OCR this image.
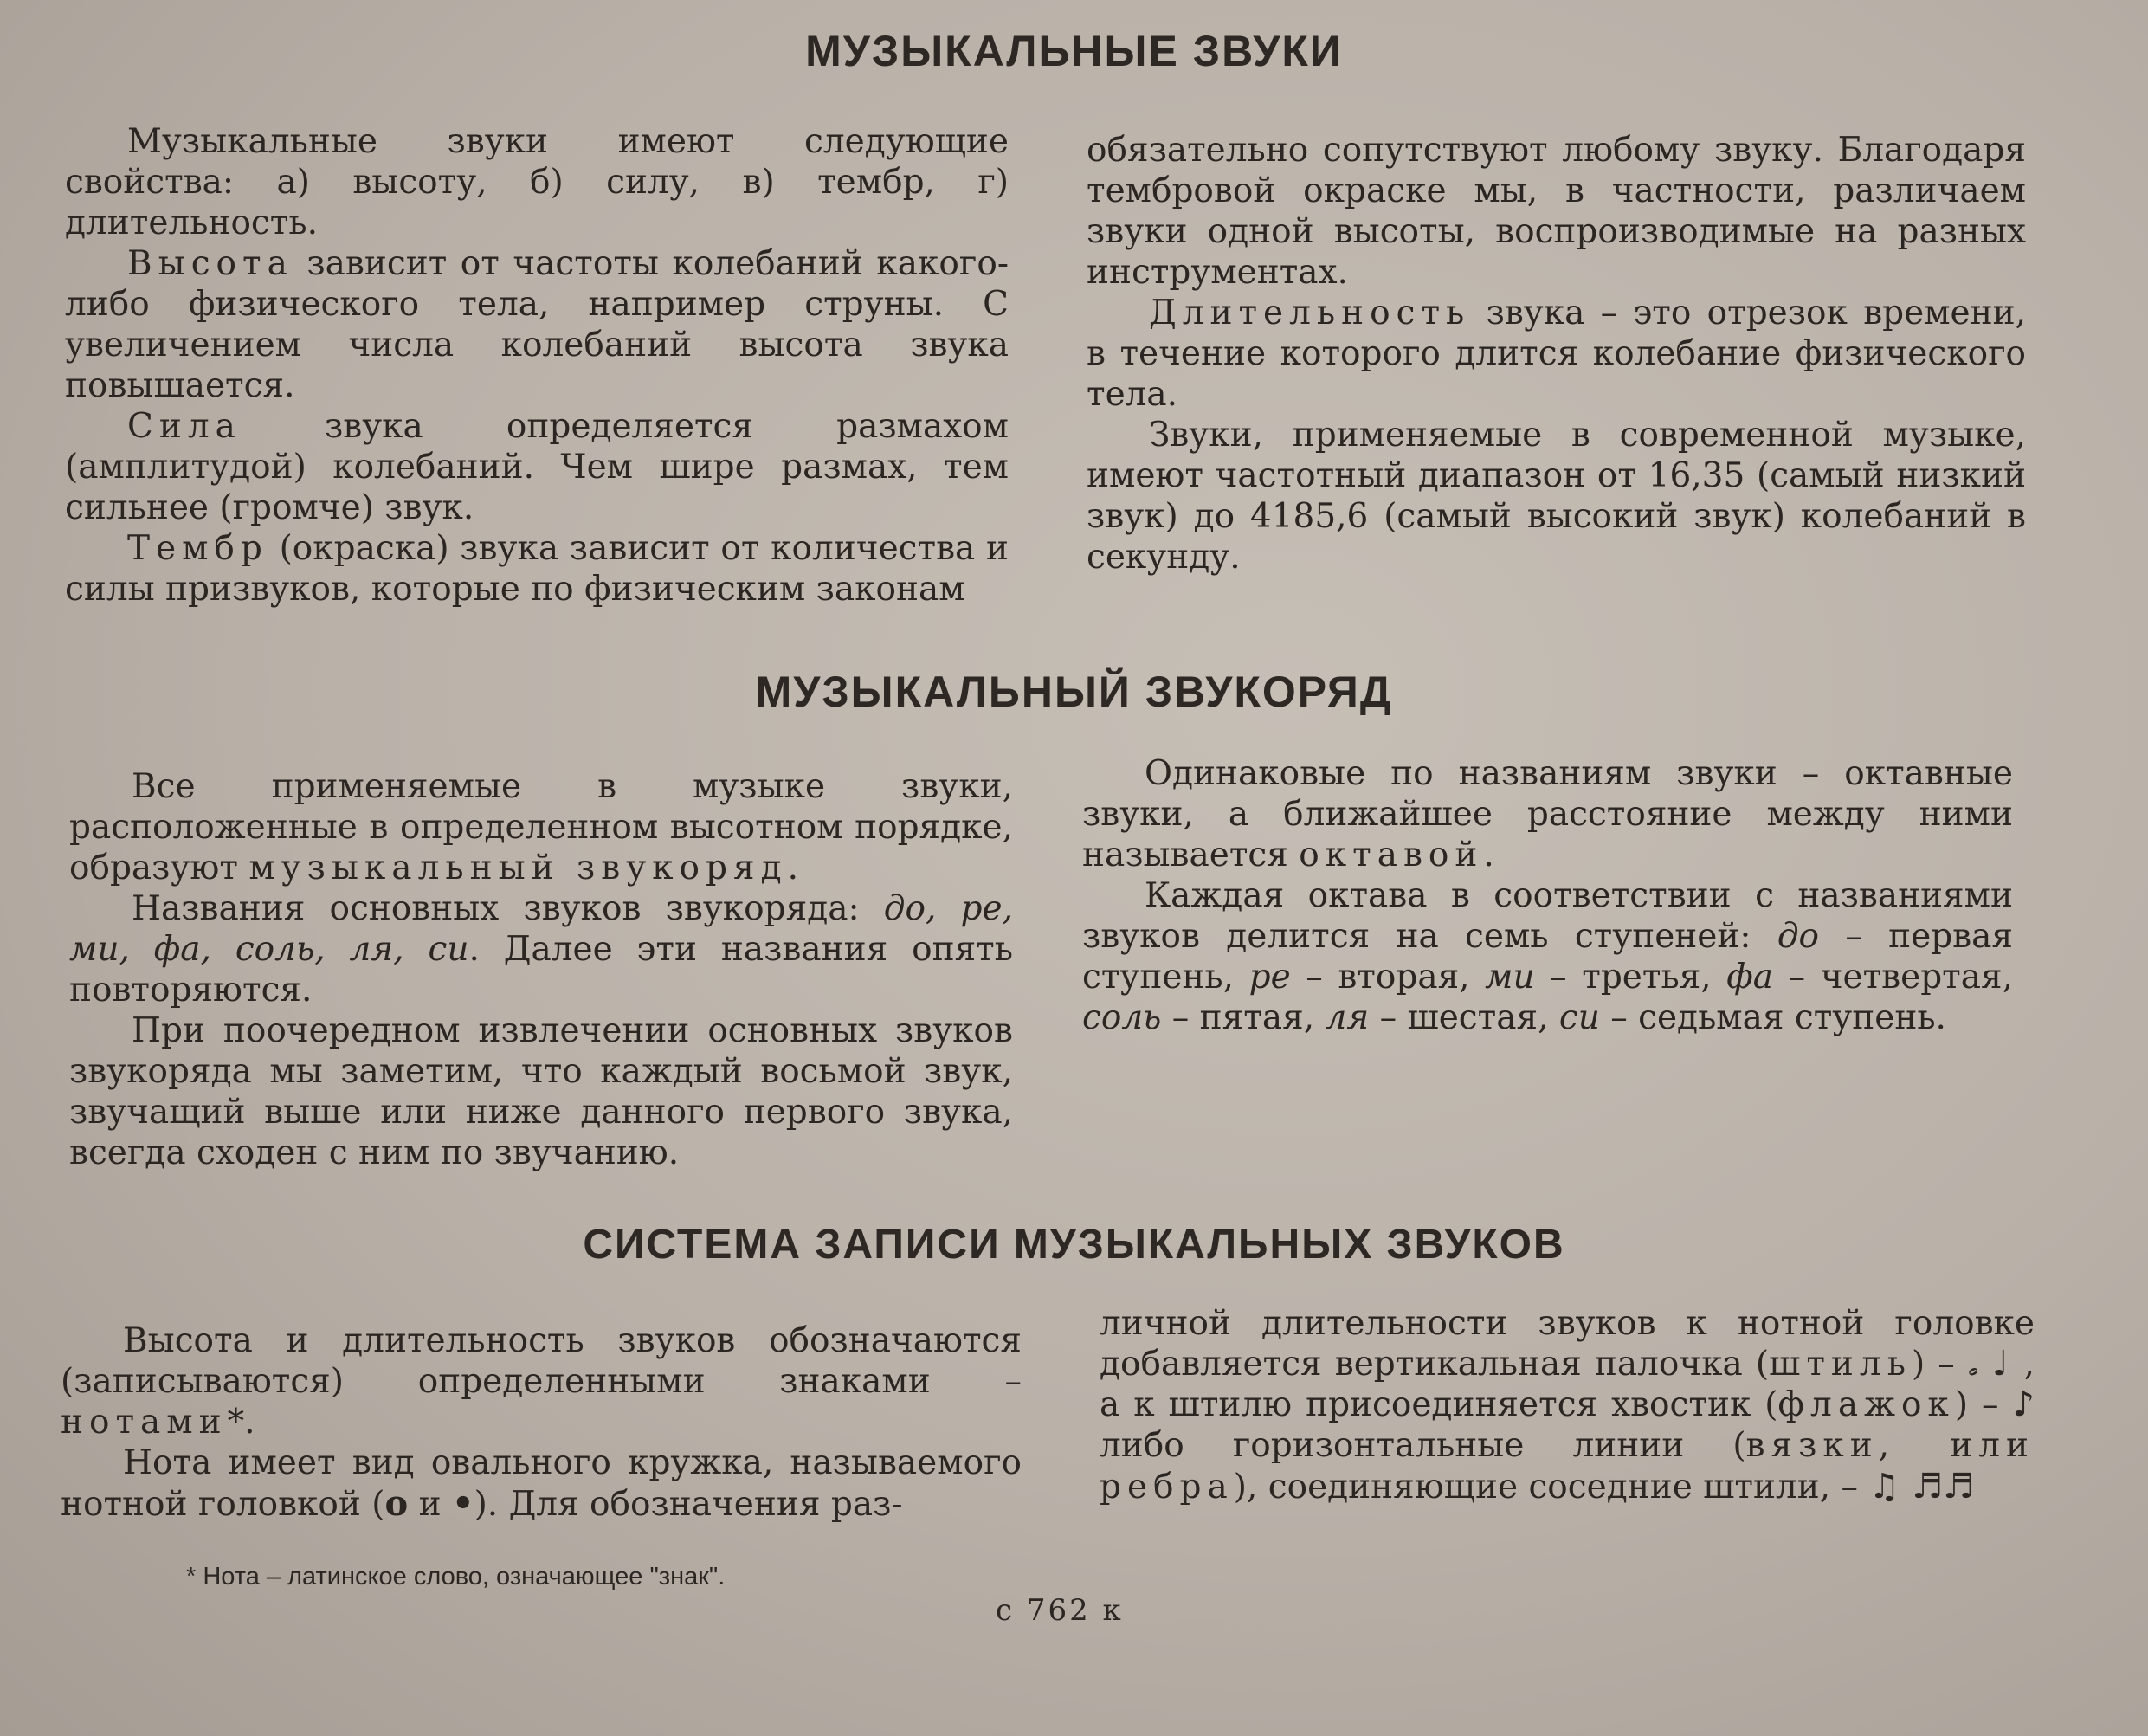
МУЗЫКАЛЬНЫЕ ЗВУКИ

Музыкальные звуки имеют следующие свойства: а) высоту, б) силу, в) тембр, г) длительность.

Высота зависит от частоты колебаний какого-либо физического тела, например струны. С увеличением числа колебаний высота звука повышается.

Сила звука определяется размахом (амплитудой) колебаний. Чем шире размах, тем сильнее (громче) звук.

Тембр (окраска) звука зависит от количества и силы призвуков, которые по физическим законам

обязательно сопутствуют любому звуку. Благодаря тембровой окраске мы, в частности, различаем звуки одной высоты, воспроизводимые на разных инструментах.

Длительность звука – это отрезок времени, в течение которого длится колебание физического тела.

Звуки, применяемые в современной музыке, имеют частотный диапазон от 16,35 (самый низкий звук) до 4185,6 (самый высокий звук) колебаний в секунду.

МУЗЫКАЛЬНЫЙ ЗВУКОРЯД

Все применяемые в музыке звуки, расположенные в определенном высотном порядке, образуют музыкальный звукоряд.

Названия основных звуков звукоряда: до, ре, ми, фа, соль, ля, си. Далее эти названия опять повторяются.

При поочередном извлечении основных звуков звукоряда мы заметим, что каждый восьмой звук, звучащий выше или ниже данного первого звука, всегда сходен с ним по звучанию.

Одинаковые по названиям звуки – октавные звуки, а ближайшее расстояние между ними называется октавой.

Каждая октава в соответствии с названиями звуков делится на семь ступеней: до – первая ступень, ре – вторая, ми – третья, фа – четвертая, соль – пятая, ля – шестая, си – седьмая ступень.

СИСТЕМА ЗАПИСИ МУЗЫКАЛЬНЫХ ЗВУКОВ

Высота и длительность звуков обозначаются (записываются) определенными знаками – нотами*.

Нота имеет вид овального кружка, называемого нотной головкой (о и •). Для обозначения раз-

личной длительности звуков к нотной головке добавляется вертикальная палочка (штиль) – 𝅗𝅥 ♩ , а к штилю присоединяется хвостик (флажок) – ♪ либо горизонтальные линии (вязки, или ребра), соединяющие соседние штили, – ♫ ♬♬

* Нота – латинское слово, означающее "знак".
с 762 к
